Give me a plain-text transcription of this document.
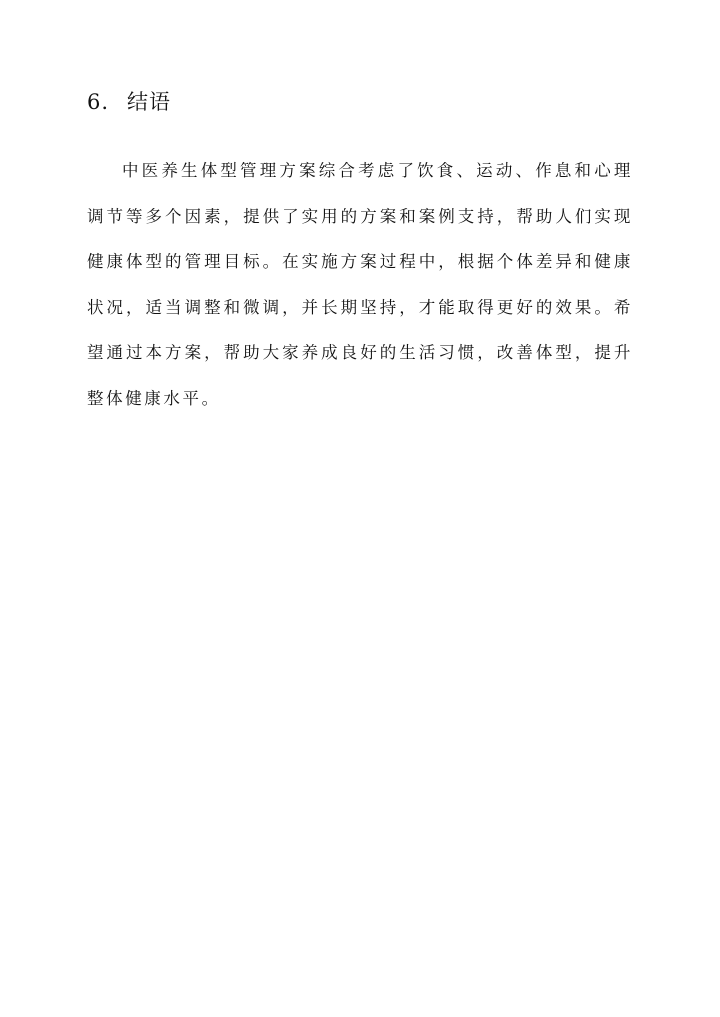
6. 结语

中医养生体型管理方案综合考虑了饮食、运动、作息和心理调节等多个因素，提供了实用的方案和案例支持，帮助人们实现健康体型的管理目标。在实施方案过程中，根据个体差异和健康状况，适当调整和微调，并长期坚持，才能取得更好的效果。希望通过本方案，帮助大家养成良好的生活习惯，改善体型，提升整体健康水平。
